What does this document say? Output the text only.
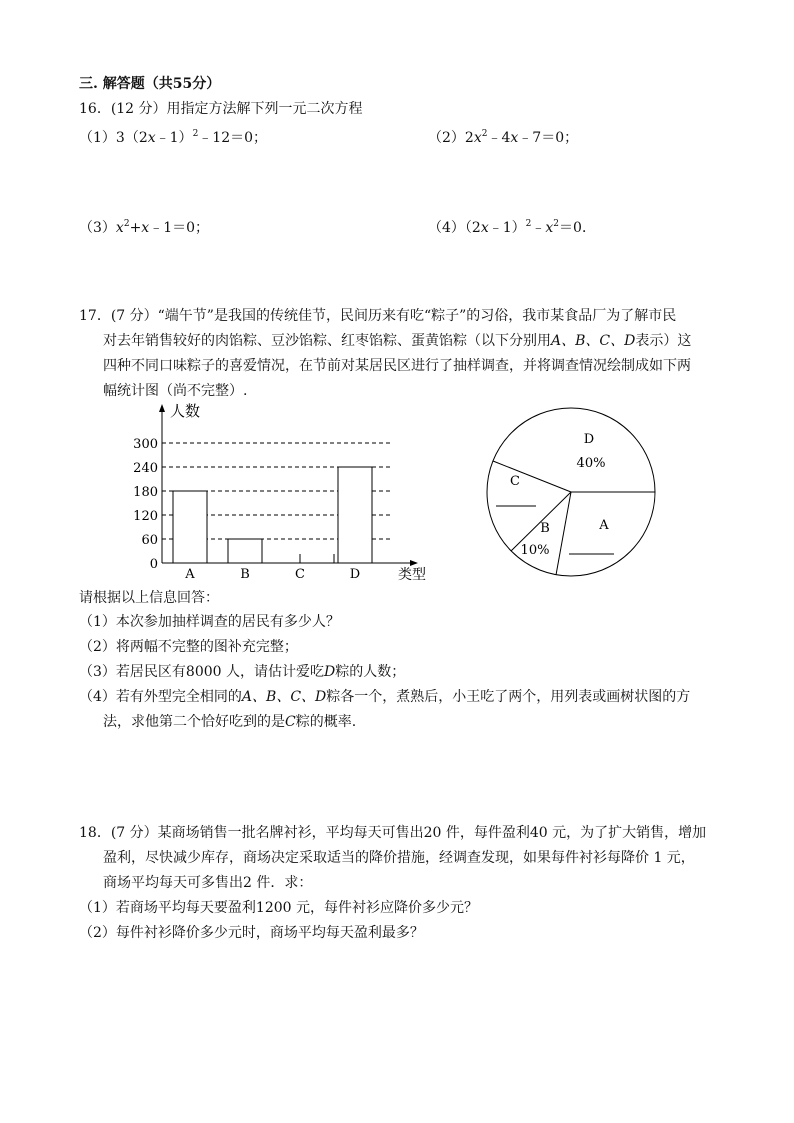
三. 解答题（共55分）
16．(12 分）用指定方法解下列一元二次方程
（1）3（2x﹣1）$^2$﹣12＝0；	$(2)2x^2﹣4x﹣7=0$；
$(3)x^2+x﹣1=0$；	$(4)(2x﹣1)^2﹣x^2=0$．
17．(7 分）“端午节”是我国的传统佳节，民间历来有吃“粽子”的习俗，我市某食品厂为了解市民
对去年销售较好的肉馅粽、豆沙馅粽、红枣馅粽、蛋黄馅粽（以下分别用A、B、C、D表示）这
四种不同口味粽子的喜爱情况，在节前对某居民区进行了抽样调查，并将调查情况绘制成如下两
幅统计图（尚不完整）.
人数
类型
0
60
120
180
240
300
A	B	C	D
D
40%
C
B
10%
A
请根据以上信息回答：
（1）本次参加抽样调查的居民有多少人？
（2）将两幅不完整的图补充完整；
（3）若居民区有8000 人，请估计爱吃D粽的人数；
（4）若有外型完全相同的A、B、C、D粽各一个，煮熟后，小王吃了两个，用列表或画树状图的方
法，求他第二个恰好吃到的是C粽的概率.
18．(7 分）某商场销售一批名牌衬衫，平均每天可售出20 件，每件盈利40 元，为了扩大销售，增加
盈利，尽快减少库存，商场决定采取适当的降价措施，经调查发现，如果每件衬衫每降价 1 元，
商场平均每天可多售出2 件．求：
（1）若商场平均每天要盈利1200 元，每件衬衫应降价多少元？
（2）每件衬衫降价多少元时，商场平均每天盈利最多？
